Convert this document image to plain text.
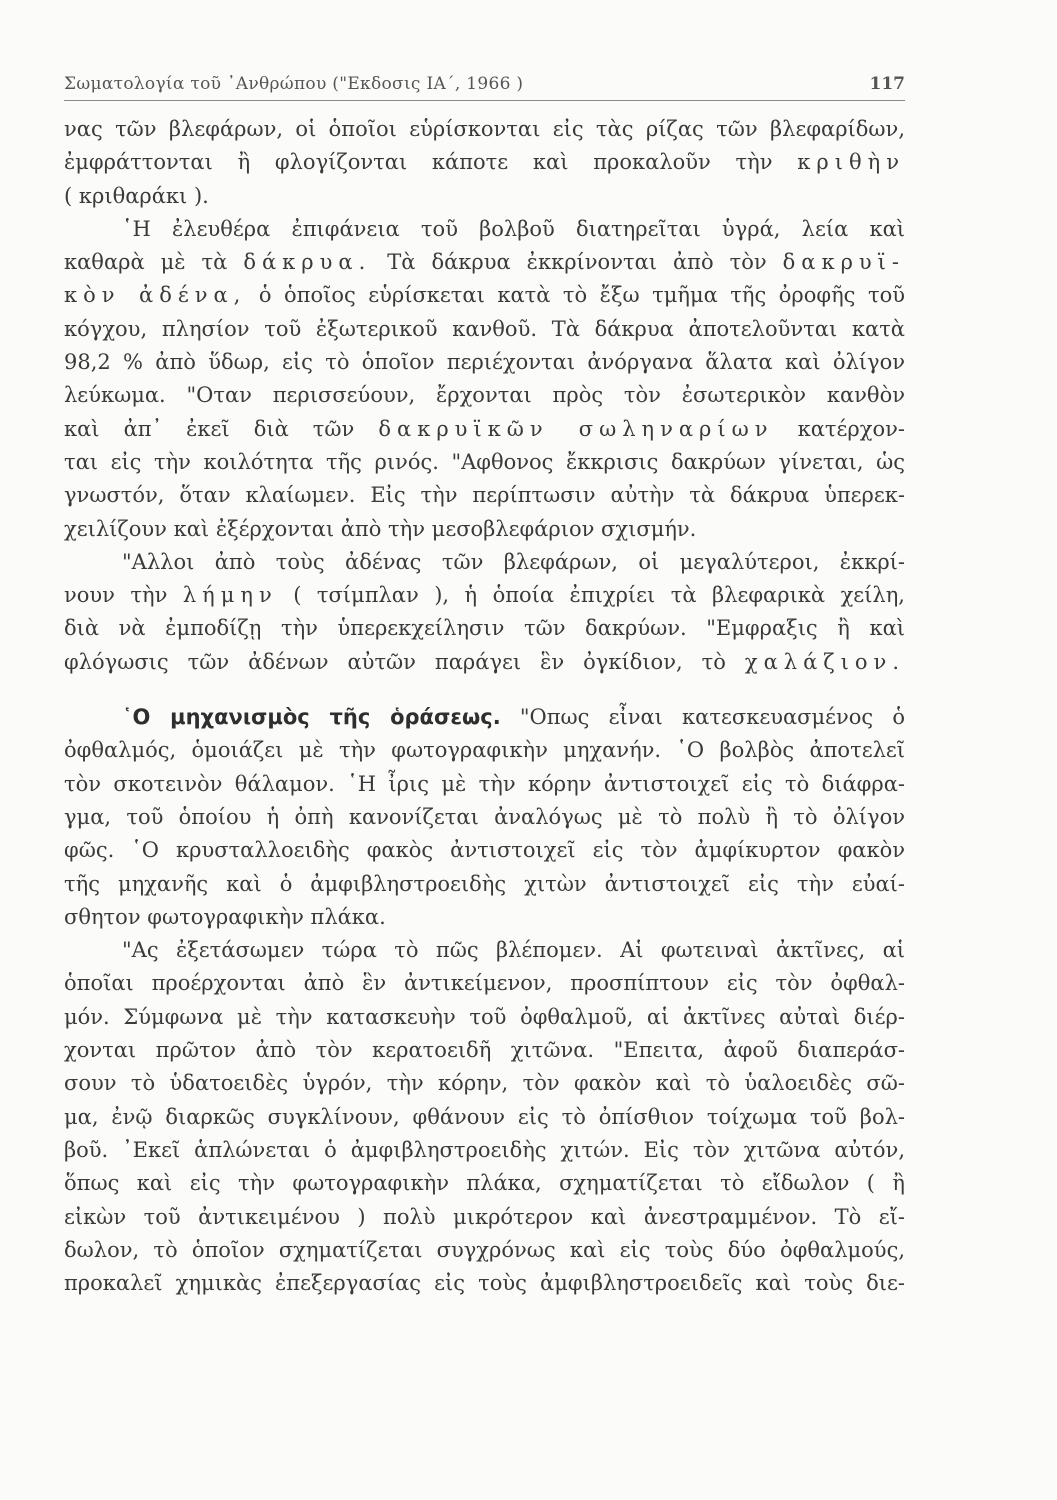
Σωματολογία τοῦ ᾿Ανθρώπου ("Εκδοσις ΙΑ΄, 1966 )	117
νας τῶν βλεφάρων, οἱ ὁποῖοι εὑρίσκονται εἰς τὰς ρίζας τῶν βλεφαρίδων,
ἐμφράττονται ἢ φλογίζονται κάποτε καὶ προκαλοῦν τὴν κριθὴν
( κριθαράκι ).
῾Η ἐλευθέρα ἐπιφάνεια τοῦ βολβοῦ διατηρεῖται ὑγρά, λεία καὶ
καθαρὰ μὲ τὰ δάκρυα. Τὰ δάκρυα ἐκκρίνονται ἀπὸ τὸν δακρυϊ-
κὸν ἀδένα, ὁ ὁποῖος εὑρίσκεται κατὰ τὸ ἔξω τμῆμα τῆς ὀροφῆς τοῦ
κόγχου, πλησίον τοῦ ἐξωτερικοῦ κανθοῦ. Τὰ δάκρυα ἀποτελοῦνται κατὰ
98,2 % ἀπὸ ὕδωρ, εἰς τὸ ὁποῖον περιέχονται ἀνόργανα ἅλατα καὶ ὀλίγον
λεύκωμα. "Οταν περισσεύουν, ἔρχονται πρὸς τὸν ἐσωτερικὸν κανθὸν
καὶ ἀπ᾿ ἐκεῖ διὰ τῶν δακρυϊκῶν σωληναρίων κατέρχον-
ται εἰς τὴν κοιλότητα τῆς ρινός. "Αφθονος ἔκκρισις δακρύων γίνεται, ὡς
γνωστόν, ὅταν κλαίωμεν. Εἰς τὴν περίπτωσιν αὐτὴν τὰ δάκρυα ὑπερεκ-
χειλίζουν καὶ ἐξέρχονται ἀπὸ τὴν μεσοβλεφάριον σχισμήν.
"Αλλοι ἀπὸ τοὺς ἀδένας τῶν βλεφάρων, οἱ μεγαλύτεροι, ἐκκρί-
νουν τὴν λήμην ( τσίμπλαν ), ἡ ὁποία ἐπιχρίει τὰ βλεφαρικὰ χείλη,
διὰ νὰ ἐμποδίζῃ τὴν ὑπερεκχείλησιν τῶν δακρύων. "Εμφραξις ἢ καὶ
φλόγωσις τῶν ἀδένων αὐτῶν παράγει ἓν ὀγκίδιον, τὸ χαλάζιον.
῾Ο μηχανισμὸς τῆς ὁράσεως. "Οπως εἶναι κατεσκευασμένος ὁ
ὀφθαλμός, ὁμοιάζει μὲ τὴν φωτογραφικὴν μηχανήν. ῾Ο βολβὸς ἀποτελεῖ
τὸν σκοτεινὸν θάλαμον. ῾Η ἶρις μὲ τὴν κόρην ἀντιστοιχεῖ εἰς τὸ διάφρα-
γμα, τοῦ ὁποίου ἡ ὀπὴ κανονίζεται ἀναλόγως μὲ τὸ πολὺ ἢ τὸ ὀλίγον
φῶς. ῾Ο κρυσταλλοειδὴς φακὸς ἀντιστοιχεῖ εἰς τὸν ἀμφίκυρτον φακὸν
τῆς μηχανῆς καὶ ὁ ἀμφιβληστροειδὴς χιτὼν ἀντιστοιχεῖ εἰς τὴν εὐαί-
σθητον φωτογραφικὴν πλάκα.
"Ας ἐξετάσωμεν τώρα τὸ πῶς βλέπομεν. Αἱ φωτειναὶ ἀκτῖνες, αἱ
ὁποῖαι προέρχονται ἀπὸ ἓν ἀντικείμενον, προσπίπτουν εἰς τὸν ὀφθαλ-
μόν. Σύμφωνα μὲ τὴν κατασκευὴν τοῦ ὀφθαλμοῦ, αἱ ἀκτῖνες αὐταὶ διέρ-
χονται πρῶτον ἀπὸ τὸν κερατοειδῆ χιτῶνα. "Επειτα, ἀφοῦ διαπεράσ-
σουν τὸ ὑδατοειδὲς ὑγρόν, τὴν κόρην, τὸν φακὸν καὶ τὸ ὑαλοειδὲς σῶ-
μα, ἐνῷ διαρκῶς συγκλίνουν, φθάνουν εἰς τὸ ὀπίσθιον τοίχωμα τοῦ βολ-
βοῦ. ᾿Εκεῖ ἁπλώνεται ὁ ἀμφιβληστροειδὴς χιτών. Εἰς τὸν χιτῶνα αὐτόν,
ὅπως καὶ εἰς τὴν φωτογραφικὴν πλάκα, σχηματίζεται τὸ εἴδωλον ( ἢ
εἰκὼν τοῦ ἀντικειμένου ) πολὺ μικρότερον καὶ ἀνεστραμμένον. Τὸ εἴ-
δωλον, τὸ ὁποῖον σχηματίζεται συγχρόνως καὶ εἰς τοὺς δύο ὀφθαλμούς,
προκαλεῖ χημικὰς ἐπεξεργασίας εἰς τοὺς ἀμφιβληστροειδεῖς καὶ τοὺς διε-
